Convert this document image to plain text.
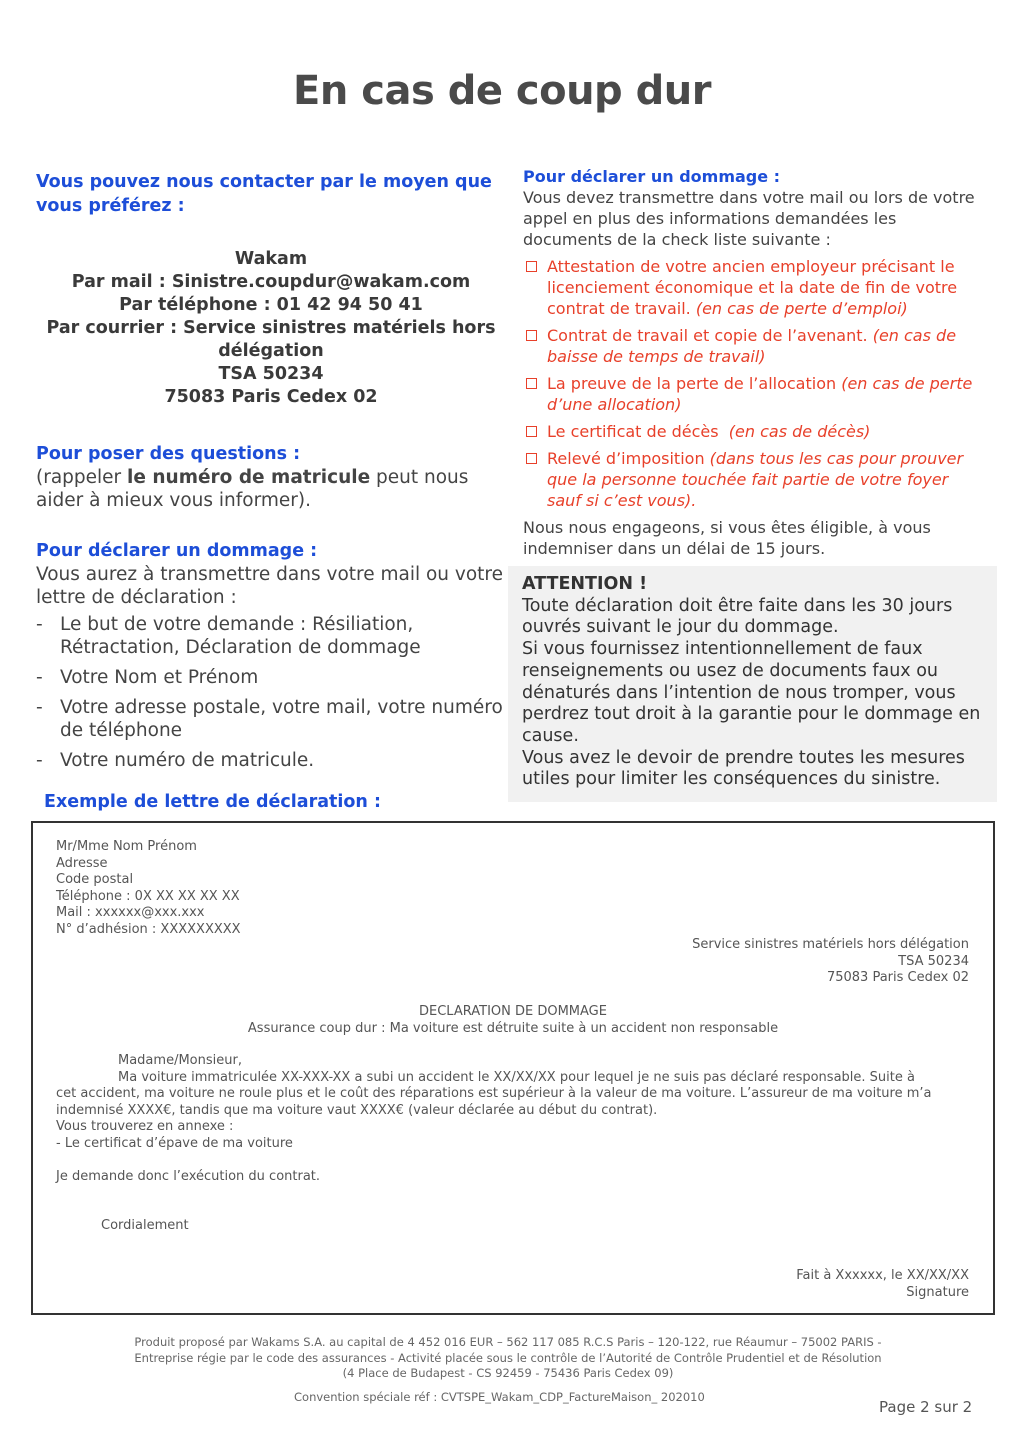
En cas de coup dur

Vous pouvez nous contacter par le moyen que vous préférez :

Wakam
Par mail : Sinistre.coupdur@wakam.com
Par téléphone : 01 42 94 50 41
Par courrier : Service sinistres matériels hors délégation
TSA 50234
75083 Paris Cedex 02
Pour poser des questions :
(rappeler le numéro de matricule peut nous aider à mieux vous informer).
Pour déclarer un dommage :
Vous aurez à transmettre dans votre mail ou votre lettre de déclaration :
- Le but de votre demande : Résiliation, Rétractation, Déclaration de dommage
- Votre Nom et Prénom
- Votre adresse postale, votre mail, votre numéro de téléphone
- Votre numéro de matricule.

Pour déclarer un dommage :

Vous devez transmettre dans votre mail ou lors de votre appel en plus des informations demandées les documents de la check liste suivante :
Attestation de votre ancien employeur précisant le licenciement économique et la date de fin de votre contrat de travail. (en cas de perte d’emploi)
Contrat de travail et copie de l’avenant. (en cas de baisse de temps de travail)
La preuve de la perte de l’allocation (en cas de perte d’une allocation)
Le certificat de décès  (en cas de décès)
Relevé d’imposition (dans tous les cas pour prouver que la personne touchée fait partie de votre foyer sauf si c’est vous).
Nous nous engageons, si vous êtes éligible, à vous indemniser dans un délai de 15 jours.
ATTENTION !
Toute déclaration doit être faite dans les 30 jours ouvrés suivant le jour du dommage.
Si vous fournissez intentionnellement de faux renseignements ou usez de documents faux ou dénaturés dans l’intention de nous tromper, vous perdrez tout droit à la garantie pour le dommage en cause.
Vous avez le devoir de prendre toutes les mesures utiles pour limiter les conséquences du sinistre.
Exemple de lettre de déclaration :
Mr/Mme Nom Prénom
Adresse
Code postal
Téléphone : 0X XX XX XX XX
Mail : xxxxxx@xxx.xxx
N° d’adhésion : XXXXXXXXX
Service sinistres matériels hors délégation
TSA 50234
75083 Paris Cedex 02
DECLARATION DE DOMMAGE
Assurance coup dur : Ma voiture est détruite suite à un accident non responsable
Madame/Monsieur,
Ma voiture immatriculée XX-XXX-XX a subi un accident le XX/XX/XX pour lequel je ne suis pas déclaré responsable. Suite à
cet accident, ma voiture ne roule plus et le coût des réparations est supérieur à la valeur de ma voiture. L’assureur de ma voiture m’a indemnisé XXXX€, tandis que ma voiture vaut XXXX€ (valeur déclarée au début du contrat).
Vous trouverez en annexe :
- Le certificat d’épave de ma voiture
Je demande donc l’exécution du contrat.
Cordialement
Fait à Xxxxxx, le XX/XX/XX
Signature
Produit proposé par Wakams S.A. au capital de 4 452 016 EUR – 562 117 085 R.C.S Paris – 120-122, rue Réaumur – 75002 PARIS -
Entreprise régie par le code des assurances - Activité placée sous le contrôle de l’Autorité de Contrôle Prudentiel et de Résolution
(4 Place de Budapest - CS 92459 - 75436 Paris Cedex 09)
Convention spéciale réf : CVTSPE_Wakam_CDP_FactureMaison_ 202010
Page 2 sur 2
